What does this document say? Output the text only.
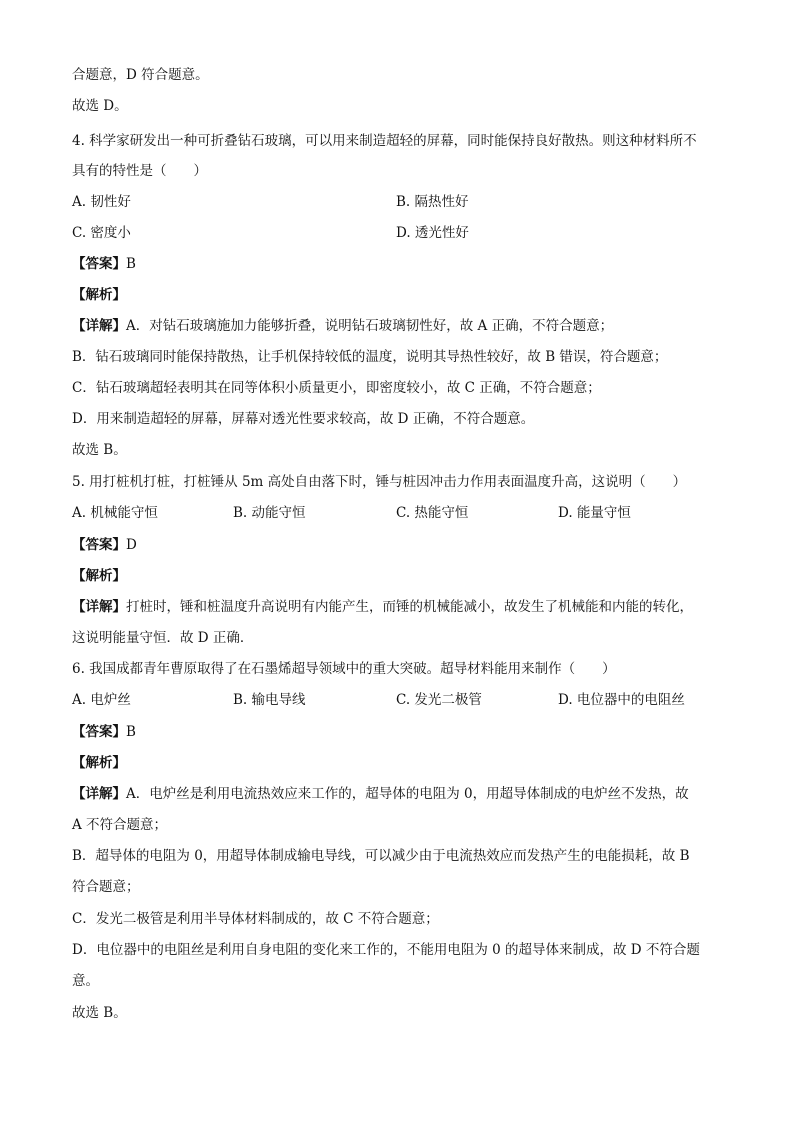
合题意，D 符合题意。
故选 D。
4. 科学家研发出一种可折叠钻石玻璃，可以用来制造超轻的屏幕，同时能保持良好散热。则这种材料所不
具有的特性是（　　）
A. 韧性好	B. 隔热性好
C. 密度小	D. 透光性好
【答案】B
【解析】
【详解】A．对钻石玻璃施加力能够折叠，说明钻石玻璃韧性好，故 A 正确，不符合题意；
B．钻石玻璃同时能保持散热，让手机保持较低的温度，说明其导热性较好，故 B 错误，符合题意；
C．钻石玻璃超轻表明其在同等体积小质量更小，即密度较小，故 C 正确，不符合题意；
D．用来制造超轻的屏幕，屏幕对透光性要求较高，故 D 正确，不符合题意。
故选 B。
5. 用打桩机打桩，打桩锤从 5m 高处自由落下时，锤与桩因冲击力作用表面温度升高，这说明（　　）
A. 机械能守恒	B. 动能守恒	C. 热能守恒	D. 能量守恒
【答案】D
【解析】
【详解】打桩时，锤和桩温度升高说明有内能产生，而锤的机械能减小，故发生了机械能和内能的转化，
这说明能量守恒．故 D 正确．
6. 我国成都青年曹原取得了在石墨烯超导领域中的重大突破。超导材料能用来制作（　　）
A. 电炉丝	B. 输电导线	C. 发光二极管	D. 电位器中的电阻丝
【答案】B
【解析】
【详解】A．电炉丝是利用电流热效应来工作的，超导体的电阻为 0，用超导体制成的电炉丝不发热，故
A 不符合题意；
B．超导体的电阻为 0，用超导体制成输电导线，可以减少由于电流热效应而发热产生的电能损耗，故 B
符合题意；
C．发光二极管是利用半导体材料制成的，故 C 不符合题意；
D．电位器中的电阻丝是利用自身电阻的变化来工作的，不能用电阻为 0 的超导体来制成，故 D 不符合题
意。
故选 B。
